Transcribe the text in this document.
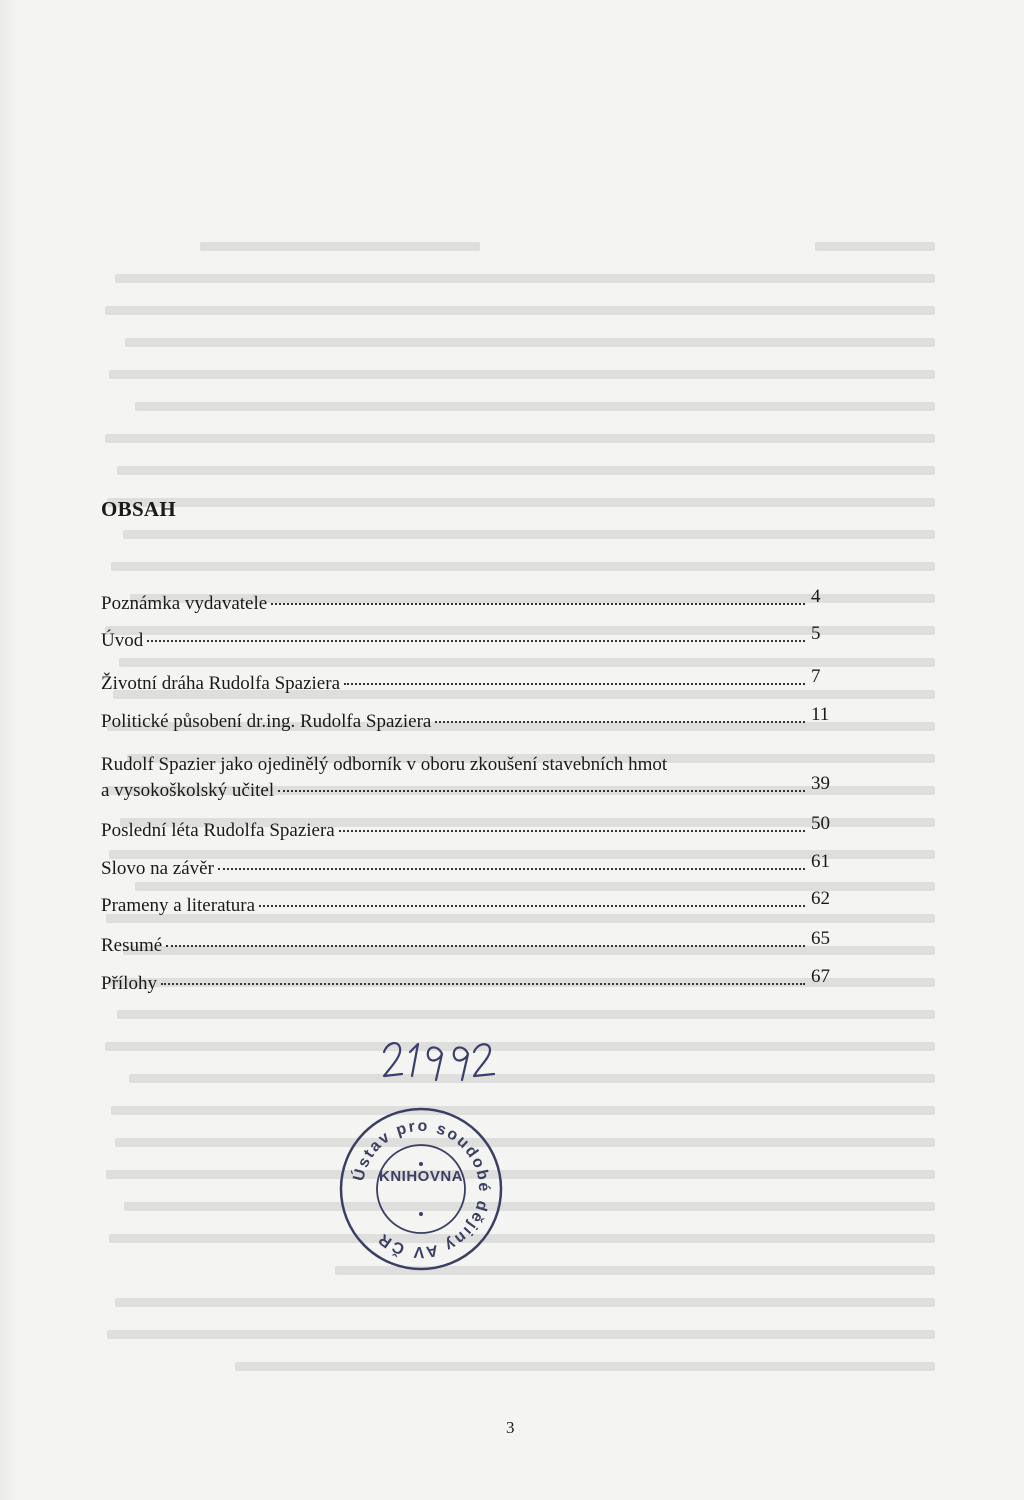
OBSAH
Poznámka vydavatele	4
Úvod	5
Životní dráha Rudolfa Spaziera	7
Politické působení dr.ing. Rudolfa Spaziera	11
Rudolf Spazier jako ojedinělý odborník v oboru zkoušení stavebních hmot
a vysokoškolský učitel	39
Poslední léta Rudolfa Spaziera	50
Slovo na závěr	61
Prameny a literatura	62
Resumé	65
Přílohy	67
Ústav pro soudobé dějiny AV ČR
KNIHOVNA
3
